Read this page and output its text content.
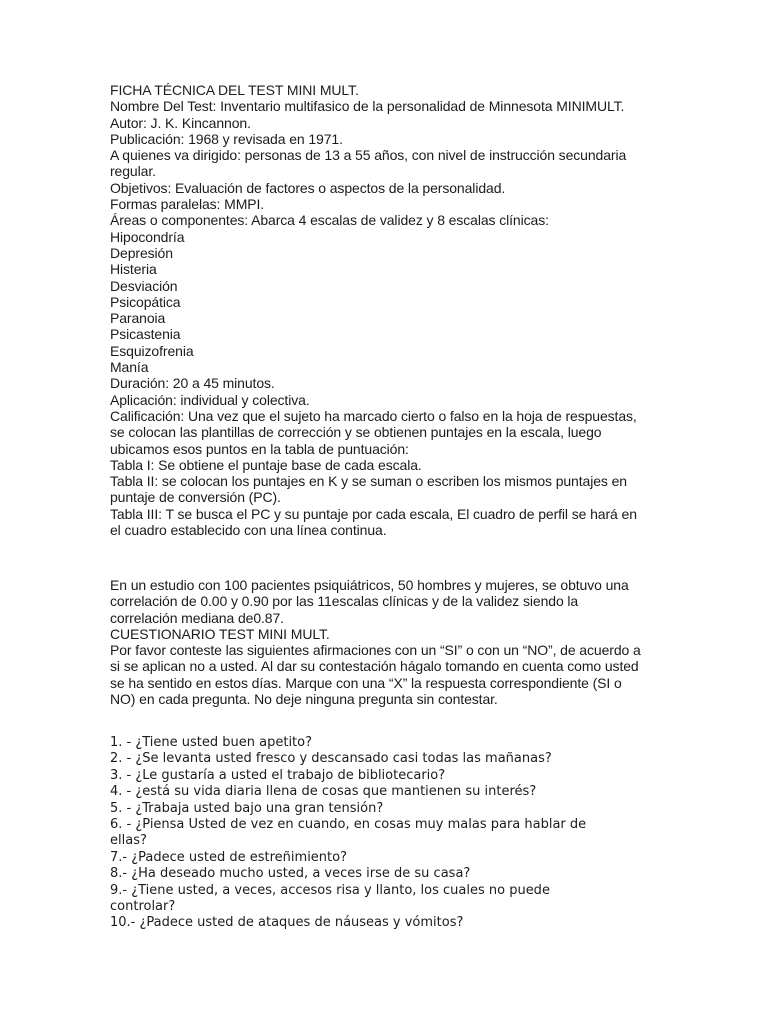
FICHA TÉCNICA DEL TEST MINI MULT.

Nombre Del Test: Inventario multifasico de la personalidad de Minnesota MINIMULT.

Autor: J. K. Kincannon.

Publicación: 1968 y revisada en 1971.

A quienes va dirigido: personas de 13 a 55 años, con nivel de instrucción secundaria
regular.

Objetivos: Evaluación de factores o aspectos de la personalidad.

Formas paralelas: MMPI.

Áreas o componentes: Abarca 4 escalas de validez y 8 escalas clínicas:

Hipocondría

Depresión

Histeria

Desviación

Psicopática

Paranoia

Psicastenia

Esquizofrenia

Manía

Duración: 20 a 45 minutos.

Aplicación: individual y colectiva.

Calificación: Una vez que el sujeto ha marcado cierto o falso en la hoja de respuestas,
se colocan las plantillas de corrección y se obtienen puntajes en la escala, luego
ubicamos esos puntos en la tabla de puntuación:

Tabla I: Se obtiene el puntaje base de cada escala.

Tabla II: se colocan los puntajes en K y se suman o escriben los mismos puntajes en
puntaje de conversión (PC).

Tabla III: T se busca el PC y su puntaje por cada escala, El cuadro de perfil se hará en
el cuadro establecido con una línea continua.

En un estudio con 100 pacientes psiquiátricos, 50 hombres y mujeres, se obtuvo una
correlación de 0.00 y 0.90 por las 11escalas clínicas y de la validez siendo la
correlación mediana de0.87.

CUESTIONARIO TEST MINI MULT.

Por favor conteste las siguientes afirmaciones con un “SI” o con un “NO”, de acuerdo a
si se aplican no a usted. Al dar su contestación hágalo tomando en cuenta como usted
se ha sentido en estos días. Marque con una “X” la respuesta correspondiente (SI o
NO) en cada pregunta. No deje ninguna pregunta sin contestar.

1. - ¿Tiene usted buen apetito?

2. - ¿Se levanta usted fresco y descansado casi todas las mañanas?

3. - ¿Le gustaría a usted el trabajo de bibliotecario?

4. - ¿está su vida diaria llena de cosas que mantienen su interés?

5. - ¿Trabaja usted bajo una gran tensión?

6. - ¿Piensa Usted de vez en cuando, en cosas muy malas para hablar de
ellas?

7.- ¿Padece usted de estreñimiento?

8.- ¿Ha deseado mucho usted, a veces irse de su casa?

9.- ¿Tiene usted, a veces, accesos risa y llanto, los cuales no puede
controlar?

10.- ¿Padece usted de ataques de náuseas y vómitos?
